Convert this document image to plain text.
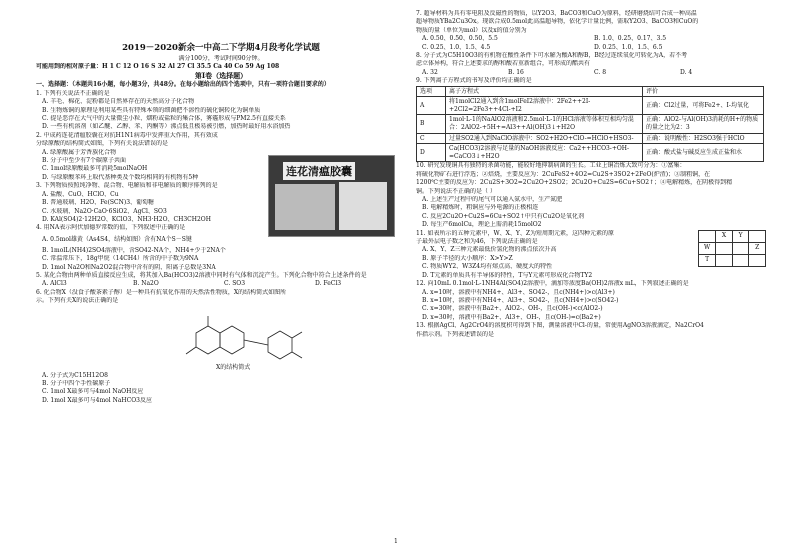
2019－2020新余一中高二下学期4月段考化学试题
满分100分，考试时间90分钟。
可能用到的相对原子量：H 1 C 12 O 16 S 32 Al 27 Cl 35.5 Ca 40 Co 59 Ag 108
第Ⅰ卷（选择题）
一、选择题：（本题共16小题，每小题3分，共48分。在每小题给出的四个选项中，只有一项符合题目要求的）
1. 下列有关说法不正确的是
A. 羊毛、棉花、淀粉都是自然界存在的天然高分子化合物
B. 生物炼铜的原理是利用某些具有特殊本领的细菌把不溶性的硫化铜转化为铜单质
C. 提是恶浮在大气中的大量微尘小粒、烟粉或盐粒的集合体，雾霾形成与PM2.5有直接关系
D. 一些有机溶剂（如乙醚、乙醇、苯、丙酮等）沸点低且极易被引燃，加热时最好用水浴加热
2. 中成药连花清瘟胶囊在对抗H1N1病毒中发挥重大作用，其有效成
分绿原酸的结构简式如图，下列有关说法错误的是
A. 绿原酸属于芳香族化合物
B. 分子中至少有7个碳原子共面
C. 1mol绿原酸最多可消耗5molNaOH
D. 与绿原酸苯环上取代基种类及个数均相同的有机物有5种
3. 下列物质按照纯净物、混合物、电解质和非电解质的顺序排列的是
A. 盐酸、CuO、HClO、Cu
B. 普通玻璃、H2O、Fe(SCN)3、葡萄糖
C. 水玻璃、Na2O·CaO·6SiO2、AgCl、SO3
D. KAl(SO4)2·12H2O、KClO3、NH3·H2O、CH3CH2OH
4. 用NA表示阿伏加德罗常数的值，下列叙述中正确的是
A. 0.5mol雄黄（As4S4，结构如图）含有NA个S－S键
B. 1molL(NH4)2SO4溶液中，含SO42-NA个，NH4+少于2NA个
C. 常温常压下，18g甲烷（14CH4）所含的中子数为9NA
D. 1mol Na2O和Na2O2混合物中含有的阴、阳离子总数是3NA
5. 某化合物由两种单质直接反应生成，将其加入Ba(HCO3)2溶液中同时有气体和沉淀产生。下列化合物中符合上述条件的是
A. AlCl3	B. Na2O	C. SO3	D. FeCl3
6. 化合物X（没食子酸茶素子醇）是一种具有抗氧化作用的天然活性物质，X的结构简式如图所
示。下列有关X的说法正确的是
X的结构简式
A. 分子式为C15H12O8
B. 分子中四个手性碳原子
C. 1mol X最多可与4mol NaOH反应
D. 1mol X最多可与4mol NaHCO3反应
连花清瘟胶囊
7. 超导材料为具有零电阻及反磁性的物质，以Y2O3、BaCO3和CuO为原料，经研磨烧结可合成一种高温
超导物质YBa2Cu3Ox。现欲合成0.5mol此高温超导物，依化学计量比例，需取Y2O3、BaCO3和CuO的
物质的量（单位为mol）以及x的值分别为
A. 0.50、0.50、0.50、5.5	B. 1.0、0.25、0.17、3.5
C. 0.25、1.0、1.5、4.5	D. 0.25、1.0、1.5、6.5
8. 分子式为C5H10O3的有机物在酸性条件下可水解为酸A和醇B，B经过连续氧化可转化为A，若不考
虑立体异构，符合上述要求的醇和酸若重新组合，可形成的酯共有
A. 32	B. 16	C. 8	D. 4
9. 下列离子方程式的书写及评价均正确的是
选项	离子方程式	评价
A	将1molCl2通入到含1molFeI2溶液中：2Fe2++2I-+2Cl2=2Fe3++4Cl-+I2	正确：Cl2过量，可将Fe2+、I-均氧化
B	1mol·L-1的NaAlO2溶液和2.5mol·L-1的HCl溶液等体积互相均匀混合：2AlO2-+5H+=Al3++Al(OH)3↓+H2O	正确：AlO2-与Al(OH)3消耗的H+的物质的量之比为2：3
C	过量SO2通入到NaClO溶液中：SO2+H2O+ClO-=HClO+HSO3-	正确：说明酸性：H2SO3强于HClO
D	Ca(HCO3)2溶液与足量的NaOH溶液反应：Ca2++HCO3-+OH-=CaCO3↓+H2O	正确：酸式盐与碱反应生成正盐和水
10. 研究发现铜具有独特的杀菌功能，能较好地抑制病菌的生长。工业上铜冶炼大致可分为：①富集：
将硫化物矿石进行浮选；②焙烧，主要反应为：2CuFeS2+4O2=Cu2S+3SO2+2FeO(炉渣)；③制粗铜，在
1200℃主要的反应为：2Cu2S+3O2=2Cu2O+2SO2；2Cu2O+Cu2S=6Cu+SO2↑；④电解精炼，在阴极得到精
铜。下列说法不正确的是（ ）
A. 上述生产过程中的尾气可以通入氨水中，生产氮肥
B. 电解精炼时，粗铜应与外电源的正极相连
C. 反应2Cu2O+Cu2S=6Cu+SO2↑中只有Cu2O是氧化剂
D. 每生产6molCu，理论上需消耗15molO2
	X	Y	
W			Z
T			
11. 如表所示的五种元素中，W、X、Y、Z为短周期元素，这四种元素的原
子最外层电子数之和为46，下列说法正确的是
A. X、Y、Z三种元素最低价氢化物的沸点依次升高
B. 原子半径的大小顺序：X>Y>Z
C. 物质WY2、W3Z4均有熔点高、硬度大的特性
D. T元素的单质具有半导体的特性，T与Y元素可形成化合物TY2
12. 向10mL 0.1mol·L-1NH4Al(SO4)2溶液中，滴加等浓度Ba(OH)2溶液x mL，下列叙述正确的是
A. x=10时，溶液中有NH4+、Al3+、SO42-，且c(NH4+)>c(Al3+)
B. x=10时，溶液中有NH4+、Al3+、SO42-，且c(NH4+)>c(SO42-)
C. x=30时，溶液中有Ba2+、AlO2-、OH-，且c(OH-)<c(AlO2-)
D. x=30时，溶液中有Ba2+、Al3+、OH-，且c(OH-)=c(Ba2+)
13. 根据AgCl、Ag2CrO4的溶度积可得到下图，测量溶液中Cl-的量，常使用AgNO3溶液滴定，Na2CrO4
作指示剂。下列表述错误的是
1
